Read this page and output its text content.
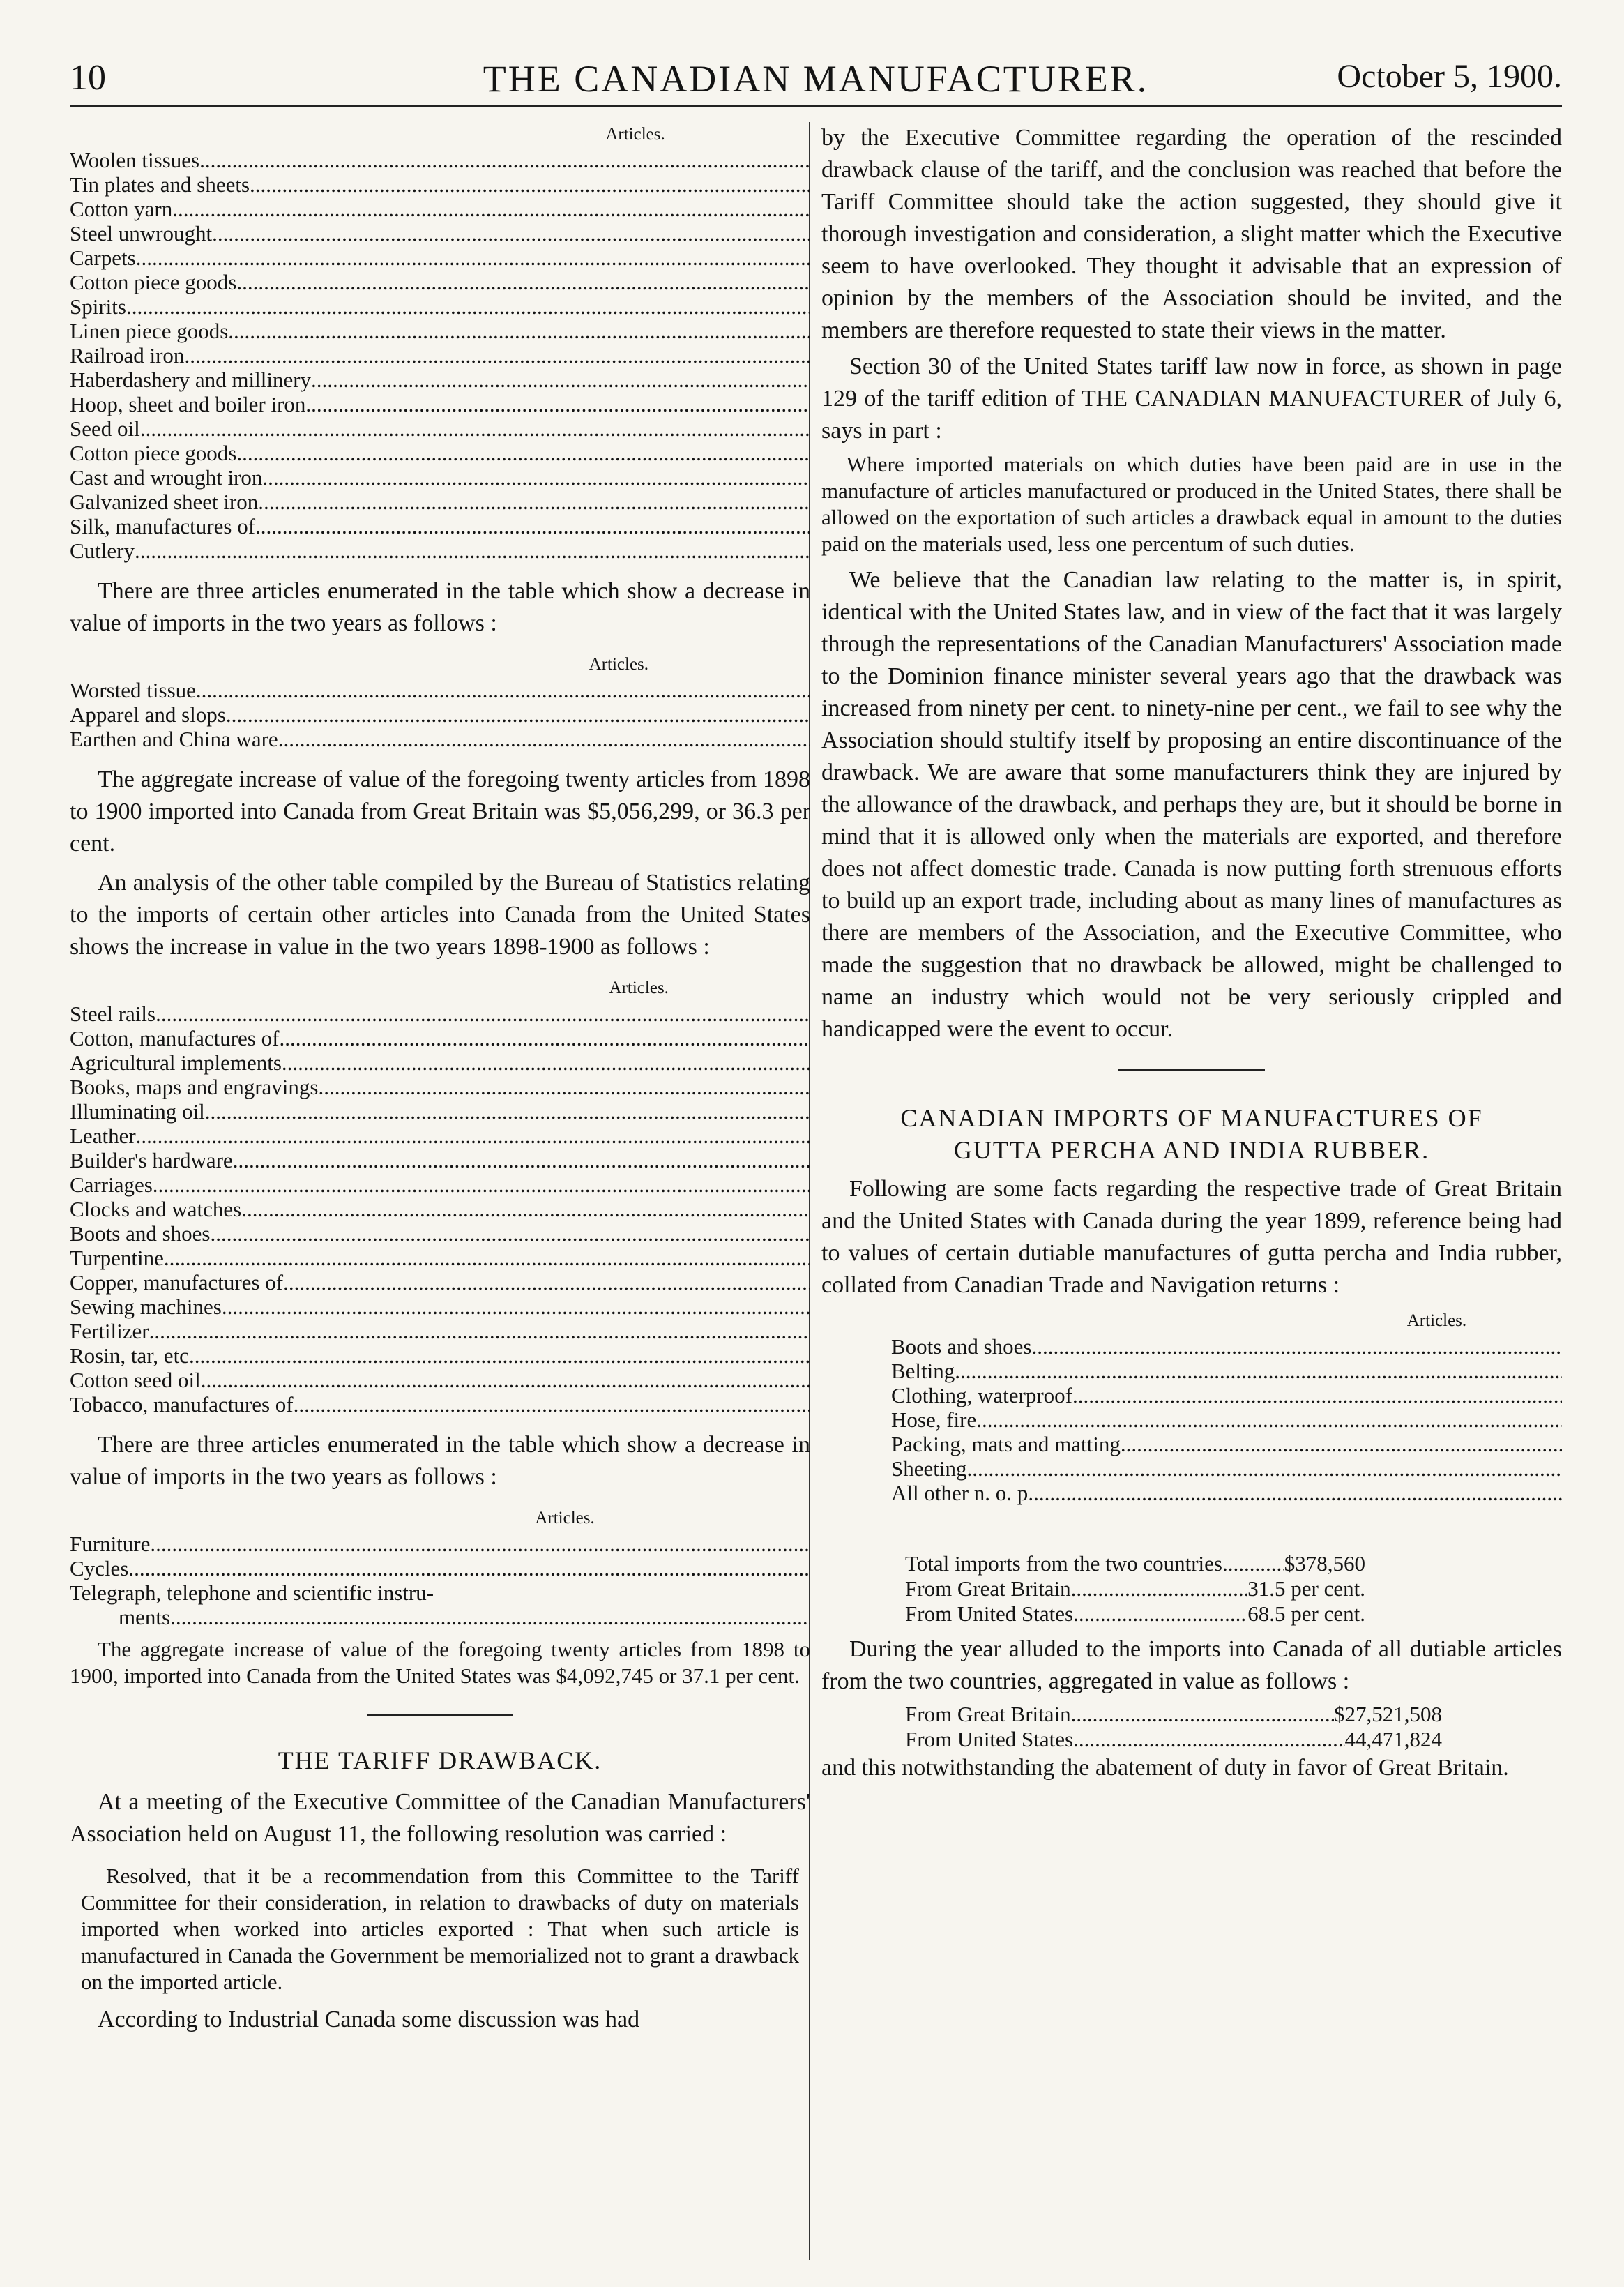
10	THE CANADIAN MANUFACTURER.	October 5, 1900.
Articles.		

Woolen tissues
.....

Tin plates and sheets
.....

Cotton yarn
.....

Steel unwrought
.....

Carpets
.....

Cotton piece goods
.....

Spirits
.....

Linen piece goods
.....

Railroad iron
.....

Haberdashery and millinery
.....

Hoop, sheet and boiler iron
.....

Seed oil
.....

Cotton piece goods
.....

Cast and wrought iron
.....

Galvanized sheet iron
.....

Silk, manufactures of
.....

Cutlery
.....

There are three articles enumerated in the table which show a decrease in value of imports in the two years as follows :

Articles.		

Worsted tissue
.....

Apparel and slops
.....

Earthen and China ware
.....

The aggregate increase of value of the foregoing twenty articles from 1898 to 1900 imported into Canada from Great Britain was $5,056,299, or 36.3 per cent.

An analysis of the other table compiled by the Bureau of Statistics relating to the imports of certain other articles into Canada from the United States shows the increase in value in the two years 1898-1900 as follows :

Articles.		

Steel rails
.....

Cotton, manufactures of
.....

Agricultural implements
.....

Books, maps and engravings
.....

Illuminating oil
.....

Leather
.....

Builder's hardware
.....

Carriages
.....

Clocks and watches
.....

Boots and shoes
.....

Turpentine
.....

Copper, manufactures of
.....

Sewing machines
.....

Fertilizer
.....

Rosin, tar, etc
.....

Cotton seed oil
.....

Tobacco, manufactures of
.....

There are three articles enumerated in the table which show a decrease in value of imports in the two years as follows :

Articles.		

Furniture
.....

Cycles
.....

Telegraph, telephone and scientific instru-		

ments
.....

The aggregate increase of value of the foregoing twenty articles from 1898 to 1900, imported into Canada from the United States was $4,092,745 or 37.1 per cent.

THE TARIFF DRAWBACK.

At a meeting of the Executive Committee of the Canadian Manufacturers' Association held on August 11, the following resolution was carried :

Resolved, that it be a recommendation from this Committee to the Tariff Committee for their consideration, in relation to drawbacks of duty on materials imported when worked into articles exported : That when such article is manufactured in Canada the Government be memorialized not to grant a drawback on the imported article.

According to Industrial Canada some discussion was had

by the Executive Committee regarding the operation of the rescinded drawback clause of the tariff, and the conclusion was reached that before the Tariff Committee should take the action suggested, they should give it thorough investigation and consideration, a slight matter which the Executive seem to have overlooked. They thought it advisable that an expression of opinion by the members of the Association should be invited, and the members are therefore requested to state their views in the matter.

Section 30 of the United States tariff law now in force, as shown in page 129 of the tariff edition of THE CANADIAN MANUFACTURER of July 6, says in part :

Where imported materials on which duties have been paid are in use in the manufacture of articles manufactured or produced in the United States, there shall be allowed on the exportation of such articles a drawback equal in amount to the duties paid on the materials used, less one percentum of such duties.

We believe that the Canadian law relating to the matter is, in spirit, identical with the United States law, and in view of the fact that it was largely through the representations of the Canadian Manufacturers' Association made to the Dominion finance minister several years ago that the drawback was increased from ninety per cent. to ninety-nine per cent., we fail to see why the Association should stultify itself by proposing an entire discontinuance of the drawback. We are aware that some manufacturers think they are injured by the allowance of the drawback, and perhaps they are, but it should be borne in mind that it is allowed only when the materials are exported, and therefore does not affect domestic trade. Canada is now putting forth strenuous efforts to build up an export trade, including about as many lines of manufactures as there are members of the Association, and the Executive Committee, who made the suggestion that no drawback be allowed, might be challenged to name an industry which would not be very seriously crippled and handicapped were the event to occur.

CANADIAN IMPORTS OF MANUFACTURES OF
GUTTA PERCHA AND INDIA RUBBER.

Following are some facts regarding the respective trade of Great Britain and the United States with Canada during the year 1899, reference being had to values of certain dutiable manufactures of gutta percha and India rubber, collated from Canadian Trade and Navigation returns :

Articles.		

Boots and shoes
.....

Belting
.....

Clothing, waterproof
.....

Hose, fire
.....

Packing, mats and matting
.....

Sheeting
.....

All other n. o. p
.....

Total imports from the two countries .....	$378,560
From Great Britain .....	31.5 per cent.
From United States .....	68.5 per cent.

During the year alluded to the imports into Canada of all dutiable articles from the two countries, aggregated in value as follows :

From Great Britain .....	$27,521,508
From United States .....	44,471,824

and this notwithstanding the abatement of duty in favor of Great Britain.
